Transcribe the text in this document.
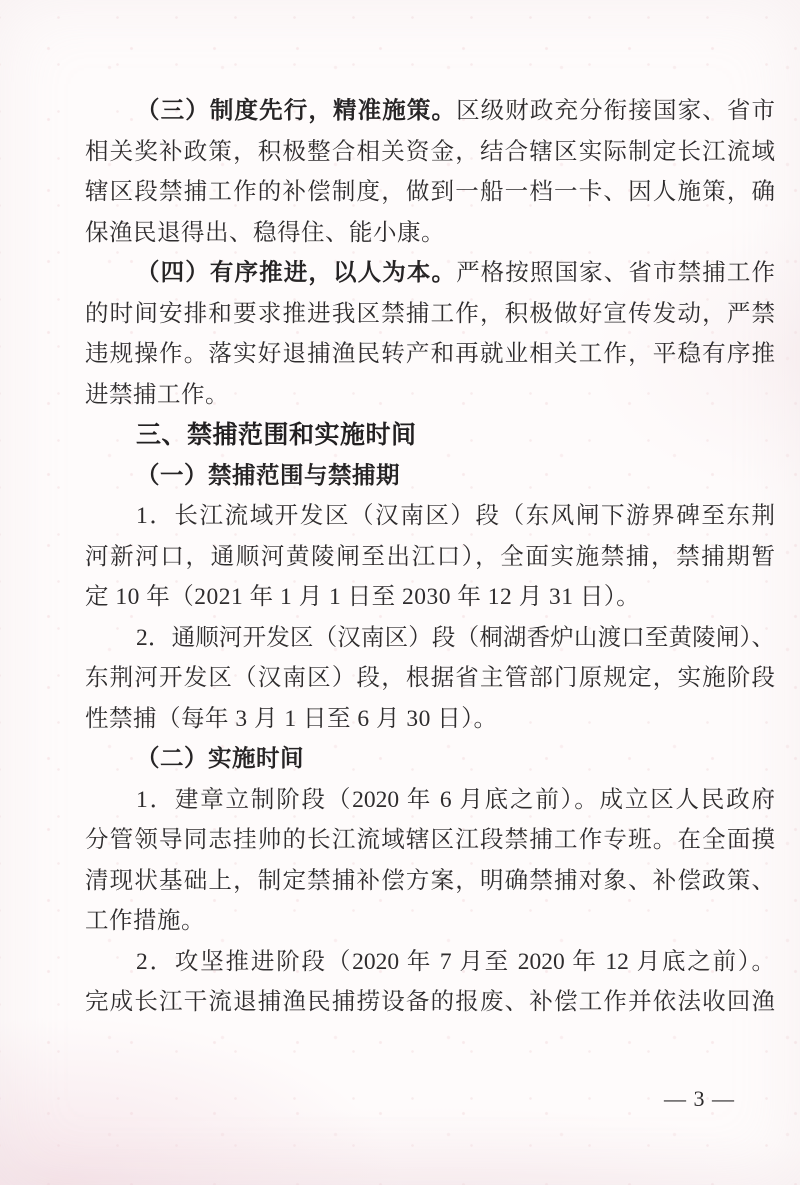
（三）制度先行，精准施策。区级财政充分衔接国家、省市
相关奖补政策，积极整合相关资金，结合辖区实际制定长江流域
辖区段禁捕工作的补偿制度，做到一船一档一卡、因人施策，确
保渔民退得出、稳得住、能小康。
（四）有序推进，以人为本。严格按照国家、省市禁捕工作
的时间安排和要求推进我区禁捕工作，积极做好宣传发动，严禁
违规操作。落实好退捕渔民转产和再就业相关工作，平稳有序推
进禁捕工作。
三、禁捕范围和实施时间
（一）禁捕范围与禁捕期
1．长江流域开发区（汉南区）段（东风闸下游界碑至东荆
河新河口，通顺河黄陵闸至出江口），全面实施禁捕，禁捕期暂
定 10 年（2021 年 1 月 1 日至 2030 年 12 月 31 日）。
2．通顺河开发区（汉南区）段（桐湖香炉山渡口至黄陵闸）、
东荆河开发区（汉南区）段，根据省主管部门原规定，实施阶段
性禁捕（每年 3 月 1 日至 6 月 30 日）。
（二）实施时间
1．建章立制阶段（2020 年 6 月底之前）。成立区人民政府
分管领导同志挂帅的长江流域辖区江段禁捕工作专班。在全面摸
清现状基础上，制定禁捕补偿方案，明确禁捕对象、补偿政策、
工作措施。
2．攻坚推进阶段（2020 年 7 月至 2020 年 12 月底之前）。
完成长江干流退捕渔民捕捞设备的报废、补偿工作并依法收回渔
— 3 —
